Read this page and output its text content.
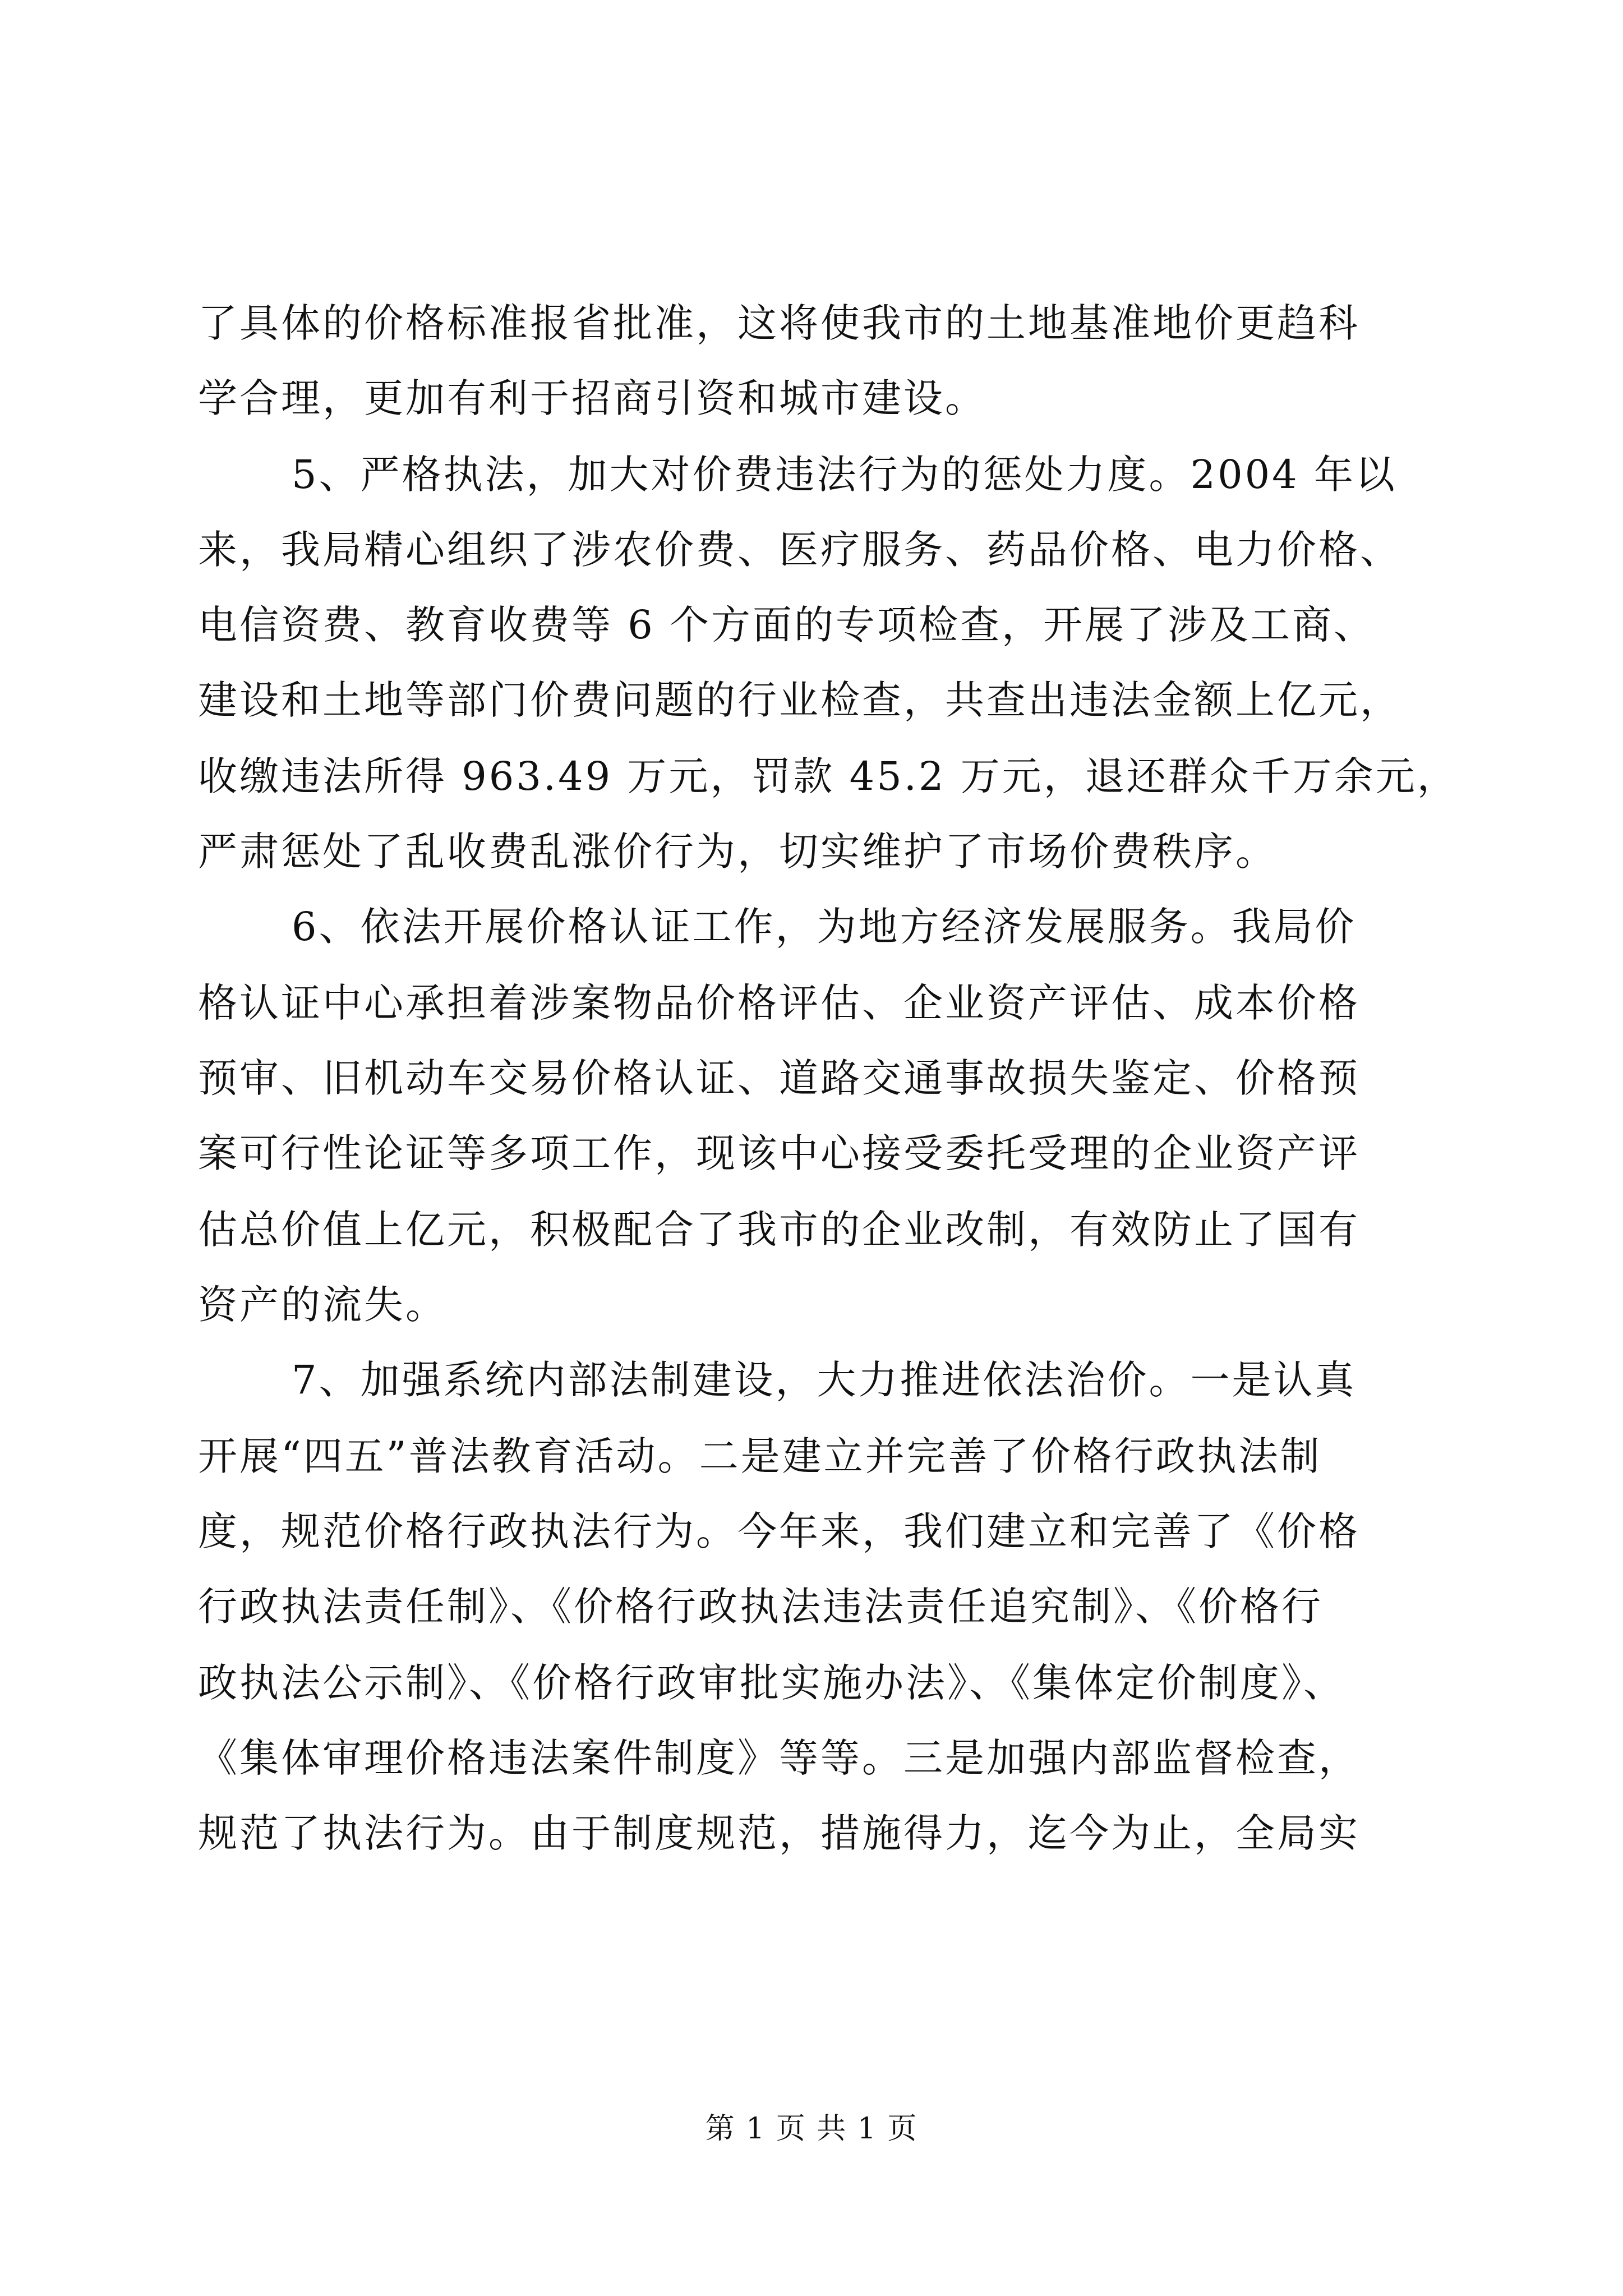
了具体的价格标准报省批准，这将使我市的土地基准地价更趋科
学合理，更加有利于招商引资和城市建设。
5、严格执法，加大对价费违法行为的惩处力度。2004 年以
来，我局精心组织了涉农价费、医疗服务、药品价格、电力价格、
电信资费、教育收费等 6 个方面的专项检查，开展了涉及工商、
建设和土地等部门价费问题的行业检查，共查出违法金额上亿元，
收缴违法所得 963.49 万元，罚款 45.2 万元，退还群众千万余元，
严肃惩处了乱收费乱涨价行为，切实维护了市场价费秩序。
6、依法开展价格认证工作，为地方经济发展服务。我局价
格认证中心承担着涉案物品价格评估、企业资产评估、成本价格
预审、旧机动车交易价格认证、道路交通事故损失鉴定、价格预
案可行性论证等多项工作，现该中心接受委托受理的企业资产评
估总价值上亿元，积极配合了我市的企业改制，有效防止了国有
资产的流失。
7、加强系统内部法制建设，大力推进依法治价。一是认真
开展“四五”普法教育活动。二是建立并完善了价格行政执法制
度，规范价格行政执法行为。今年来，我们建立和完善了《价格
行政执法责任制》、《价格行政执法违法责任追究制》、《价格行
政执法公示制》、《价格行政审批实施办法》、《集体定价制度》、
《集体审理价格违法案件制度》等等。三是加强内部监督检查，
规范了执法行为。由于制度规范，措施得力，迄今为止，全局实
第 1 页 共 1 页
